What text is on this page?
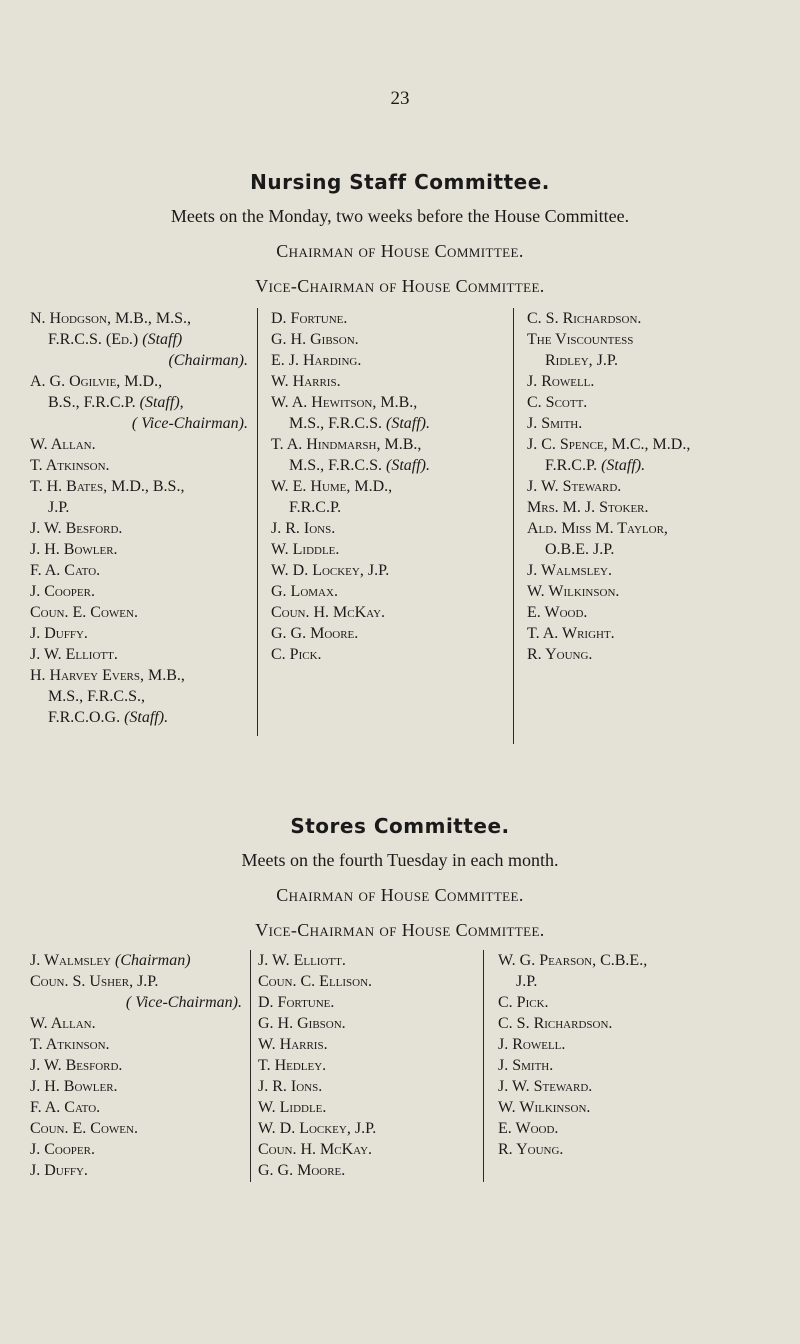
23
Nursing Staff Committee.
Meets on the Monday, two weeks before the House Committee.
Chairman of House Committee.
Vice-Chairman of House Committee.
N. Hodgson, M.B., M.S.,
F.R.C.S. (Ed.) (Staff)
(Chairman).
A. G. Ogilvie, M.D.,
B.S., F.R.C.P. (Staff),
( Vice-Chairman).
W. Allan.
T. Atkinson.
T. H. Bates, M.D., B.S.,
J.P.
J. W. Besford.
J. H. Bowler.
F. A. Cato.
J. Cooper.
Coun. E. Cowen.
J. Duffy.
J. W. Elliott.
H. Harvey Evers, M.B.,
M.S., F.R.C.S.,
F.R.C.O.G. (Staff).
D. Fortune.
G. H. Gibson.
E. J. Harding.
W. Harris.
W. A. Hewitson, M.B.,
M.S., F.R.C.S. (Staff).
T. A. Hindmarsh, M.B.,
M.S., F.R.C.S. (Staff).
W. E. Hume, M.D.,
F.R.C.P.
J. R. Ions.
W. Liddle.
W. D. Lockey, J.P.
G. Lomax.
Coun. H. McKay.
G. G. Moore.
C. Pick.
C. S. Richardson.
The Viscountess
Ridley, J.P.
J. Rowell.
C. Scott.
J. Smith.
J. C. Spence, M.C., M.D.,
F.R.C.P. (Staff).
J. W. Steward.
Mrs. M. J. Stoker.
Ald. Miss M. Taylor,
O.B.E. J.P.
J. Walmsley.
W. Wilkinson.
E. Wood.
T. A. Wright.
R. Young.
Stores Committee.
Meets on the fourth Tuesday in each month.
Chairman of House Committee.
Vice-Chairman of House Committee.
J. Walmsley (Chairman)
Coun. S. Usher, J.P.
( Vice-Chairman).
W. Allan.
T. Atkinson.
J. W. Besford.
J. H. Bowler.
F. A. Cato.
Coun. E. Cowen.
J. Cooper.
J. Duffy.
J. W. Elliott.
Coun. C. Ellison.
D. Fortune.
G. H. Gibson.
W. Harris.
T. Hedley.
J. R. Ions.
W. Liddle.
W. D. Lockey, J.P.
Coun. H. McKay.
G. G. Moore.
W. G. Pearson, C.B.E.,
J.P.
C. Pick.
C. S. Richardson.
J. Rowell.
J. Smith.
J. W. Steward.
W. Wilkinson.
E. Wood.
R. Young.
